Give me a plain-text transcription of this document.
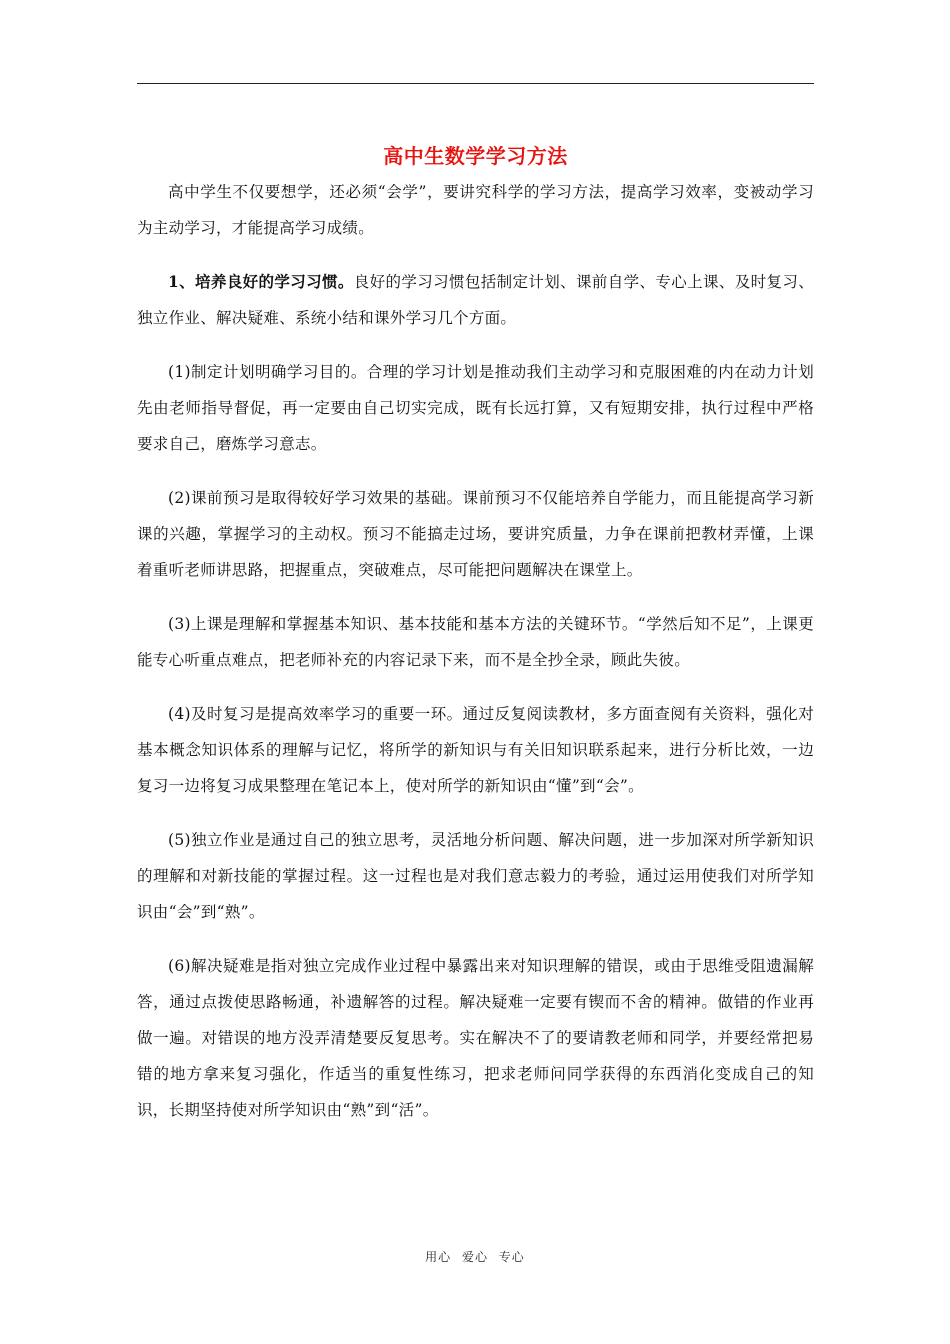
高中生数学学习方法

高中学生不仅要想学，还必须“会学”，要讲究科学的学习方法，提高学习效率，变被动学习为主动学习，才能提高学习成绩。

1、培养良好的学习习惯。良好的学习习惯包括制定计划、课前自学、专心上课、及时复习、独立作业、解决疑难、系统小结和课外学习几个方面。

(1)制定计划明确学习目的。合理的学习计划是推动我们主动学习和克服困难的内在动力计划先由老师指导督促，再一定要由自己切实完成，既有长远打算，又有短期安排，执行过程中严格要求自己，磨炼学习意志。

(2)课前预习是取得较好学习效果的基础。课前预习不仅能培养自学能力，而且能提高学习新课的兴趣，掌握学习的主动权。预习不能搞走过场，要讲究质量，力争在课前把教材弄懂，上课着重听老师讲思路，把握重点，突破难点，尽可能把问题解决在课堂上。

(3)上课是理解和掌握基本知识、基本技能和基本方法的关键环节。“学然后知不足”，上课更能专心听重点难点，把老师补充的内容记录下来，而不是全抄全录，顾此失彼。

(4)及时复习是提高效率学习的重要一环。通过反复阅读教材，多方面查阅有关资料，强化对基本概念知识体系的理解与记忆，将所学的新知识与有关旧知识联系起来，进行分析比效，一边复习一边将复习成果整理在笔记本上，使对所学的新知识由“懂”到“会”。

(5)独立作业是通过自己的独立思考，灵活地分析问题、解决问题，进一步加深对所学新知识的理解和对新技能的掌握过程。这一过程也是对我们意志毅力的考验，通过运用使我们对所学知识由“会”到“熟”。

(6)解决疑难是指对独立完成作业过程中暴露出来对知识理解的错误，或由于思维受阻遗漏解答，通过点拨使思路畅通，补遗解答的过程。解决疑难一定要有锲而不舍的精神。做错的作业再做一遍。对错误的地方没弄清楚要反复思考。实在解决不了的要请教老师和同学，并要经常把易错的地方拿来复习强化，作适当的重复性练习，把求老师问同学获得的东西消化变成自己的知识，长期坚持使对所学知识由“熟”到“活”。

用心 爱心 专心
